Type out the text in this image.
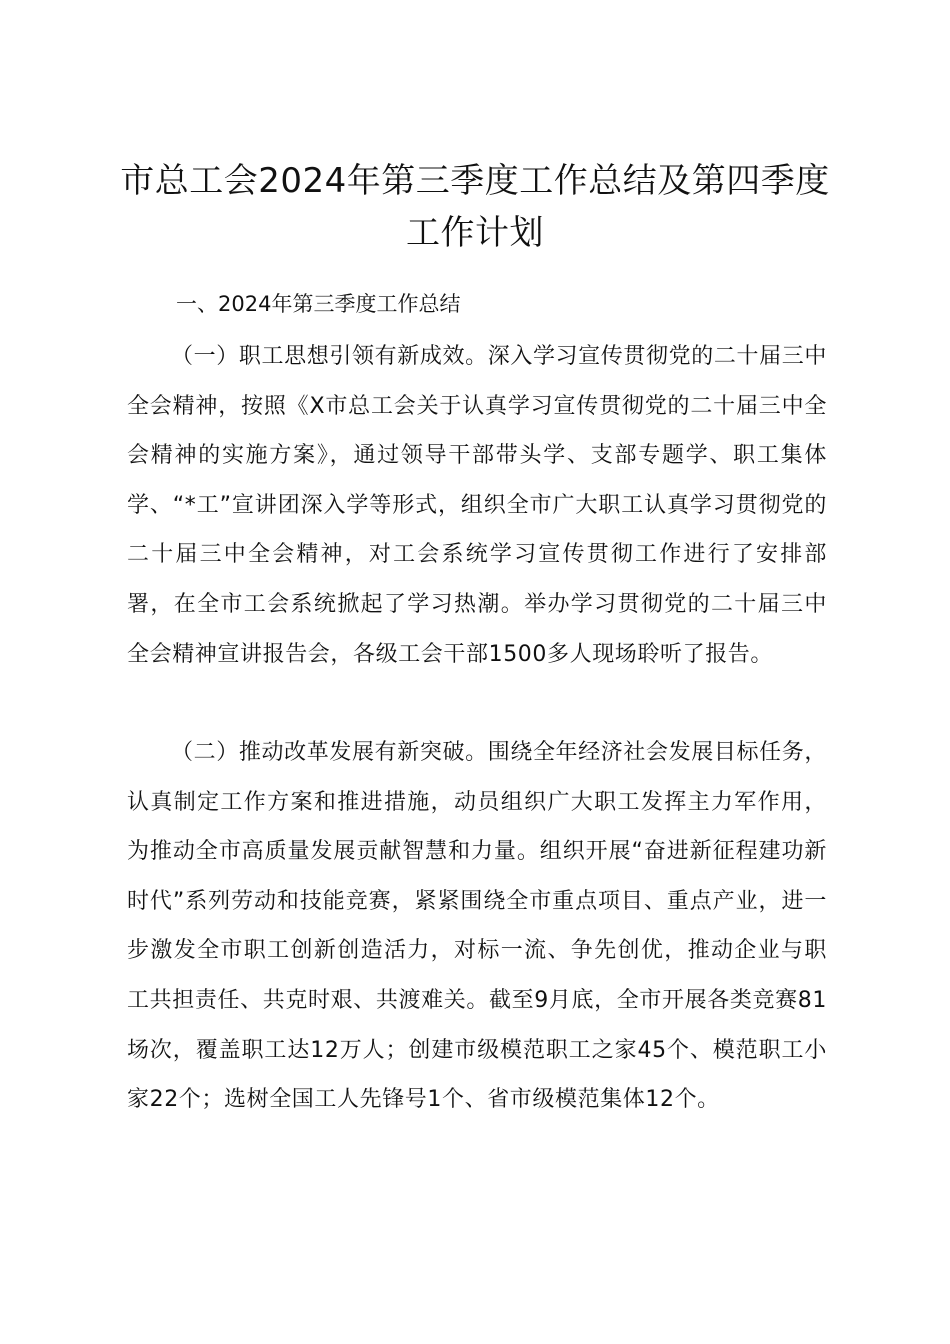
市总工会2024年第三季度工作总结及第四季度工作计划
一、2024年第三季度工作总结

（一）职工思想引领有新成效。深入学习宣传贯彻党的二十届三中全会精神，按照《X市总工会关于认真学习宣传贯彻党的二十届三中全会精神的实施方案》，通过领导干部带头学、支部专题学、职工集体学、“*工”宣讲团深入学等形式，组织全市广大职工认真学习贯彻党的二十届三中全会精神，对工会系统学习宣传贯彻工作进行了安排部署，在全市工会系统掀起了学习热潮。举办学习贯彻党的二十届三中全会精神宣讲报告会，各级工会干部1500多人现场聆听了报告。

（二）推动改革发展有新突破。围绕全年经济社会发展目标任务，认真制定工作方案和推进措施，动员组织广大职工发挥主力军作用，为推动全市高质量发展贡献智慧和力量。组织开展“奋进新征程建功新时代”系列劳动和技能竞赛，紧紧围绕全市重点项目、重点产业，进一步激发全市职工创新创造活力，对标一流、争先创优，推动企业与职工共担责任、共克时艰、共渡难关。截至9月底，全市开展各类竞赛81场次，覆盖职工达12万人；创建市级模范职工之家45个、模范职工小家22个；选树全国工人先锋号1个、省市级模范集体12个。
